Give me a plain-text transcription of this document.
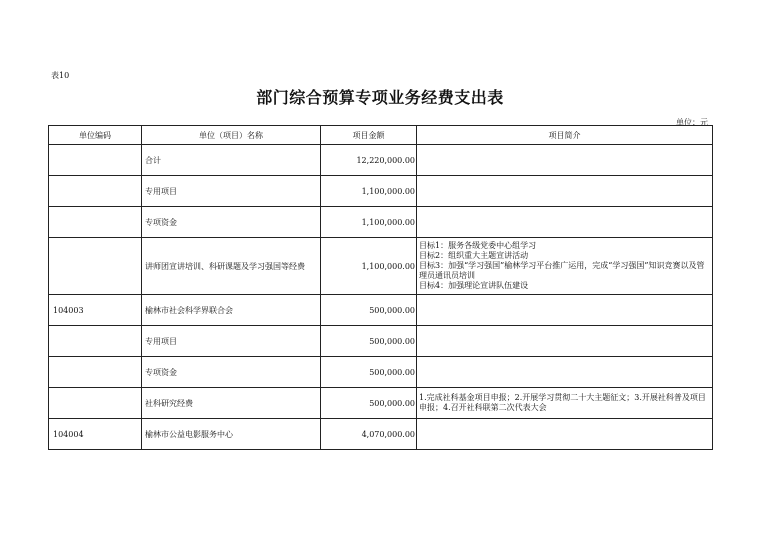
表10
部门综合预算专项业务经费支出表
单位：元
单位编码	单位（项目）名称	项目金额	项目简介
	合计	12,220,000.00	
	专用项目	1,100,000.00	
	专项资金	1,100,000.00	
	讲师团宣讲培训、科研课题及学习强国等经费	1,100,000.00	目标1：服务各级党委中心组学习
目标2：组织重大主题宣讲活动
目标3：加强“学习强国”榆林学习平台推广运用，完成“学习强国”知识竞赛以及管理员通讯员培训
目标4：加强理论宣讲队伍建设

104003	榆林市社会科学界联合会	500,000.00	
	专用项目	500,000.00	
	专项资金	500,000.00	
	社科研究经费	500,000.00	1.完成社科基金项目申报；2.开展学习贯彻二十大主题征文；3.开展社科普及项目申报；4.召开社科联第二次代表大会

104004	榆林市公益电影服务中心	4,070,000.00	
